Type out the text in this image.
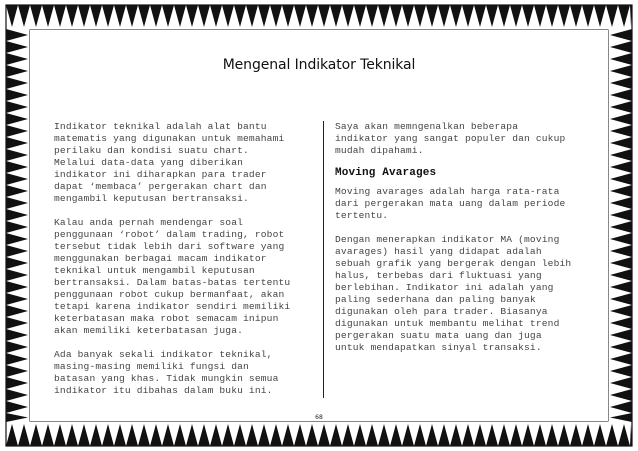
Mengenal Indikator Teknikal
Indikator teknikal adalah alat bantu
matematis yang digunakan untuk memahami
perilaku dan kondisi suatu chart.
Melalui data-data yang diberikan
indikator ini diharapkan para trader
dapat ‘membaca’ pergerakan chart dan
mengambil keputusan bertransaksi.
Kalau anda pernah mendengar soal
penggunaan ‘robot’ dalam trading, robot
tersebut tidak lebih dari software yang
menggunakan berbagai macam indikator
teknikal untuk mengambil keputusan
bertransaksi. Dalam batas-batas tertentu
penggunaan robot cukup bermanfaat, akan
tetapi karena indikator sendiri memiliki
keterbatasan maka robot semacam inipun
akan memiliki keterbatasan juga.
Ada banyak sekali indikator teknikal,
masing-masing memiliki fungsi dan
batasan yang khas. Tidak mungkin semua
indikator itu dibahas dalam buku ini.
Saya akan memngenalkan beberapa
indikator yang sangat populer dan cukup
mudah dipahami.
Moving Avarages
Moving avarages adalah harga rata-rata
dari pergerakan mata uang dalam periode
tertentu.
Dengan menerapkan indikator MA (moving
avarages) hasil yang didapat adalah
sebuah grafik yang bergerak dengan lebih
halus, terbebas dari fluktuasi yang
berlebihan. Indikator ini adalah yang
paling sederhana dan paling banyak
digunakan oleh para trader. Biasanya
digunakan untuk membantu melihat trend
pergerakan suatu mata uang dan juga
untuk mendapatkan sinyal transaksi.
68
